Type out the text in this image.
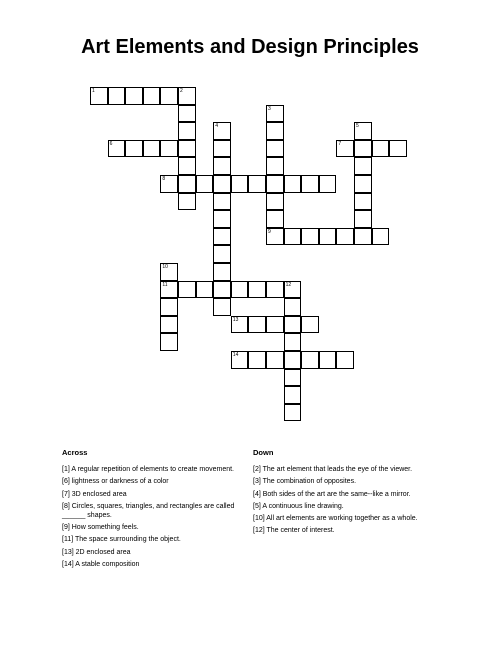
Art Elements and Design Principles
1	2
6	7
8
9
11	12
13
14
3
4	5
10
Across
[1] A regular repetition of elements to create movement.
[6] lightness or darkness of a color
[7] 3D enclosed area
[8] Circles, squares, triangles, and rectangles are called ______ shapes.
[9] How something feels.
[11] The space surrounding the object.
[13] 2D enclosed area
[14] A stable composition
Down
[2] The art element that leads the eye of the viewer.
[3] The combination of opposites.
[4] Both sides of the art are the same--like a mirror.
[5] A continuous line drawing.
[10] All art elements are working together as a whole.
[12] The center of interest.
